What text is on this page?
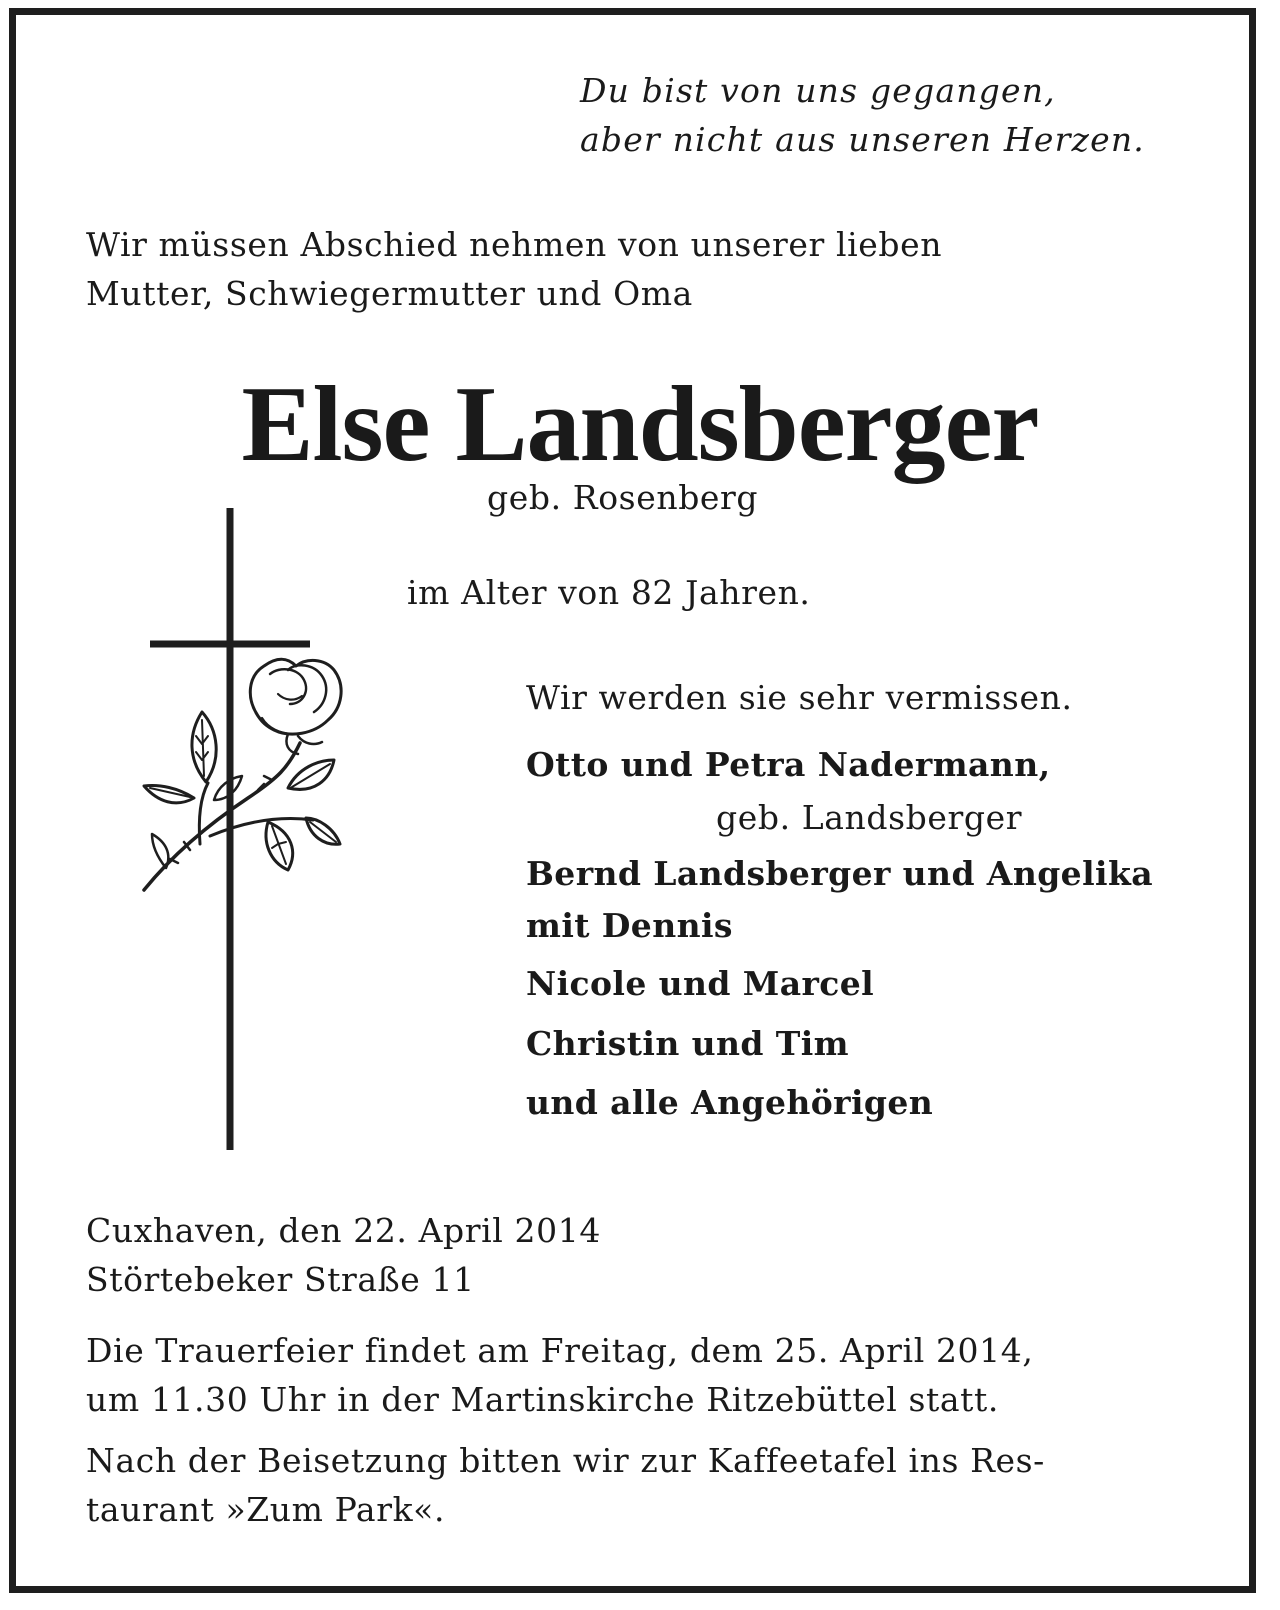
Du bist von uns gegangen,
aber nicht aus unseren Herzen.
Wir müssen Abschied nehmen von unserer lieben
Mutter, Schwiegermutter und Oma
Else Landsberger
geb. Rosenberg
im Alter von 82 Jahren.
Wir werden sie sehr vermissen.
Otto und Petra Nadermann,
geb. Landsberger
Bernd Landsberger und Angelika
mit Dennis
Nicole und Marcel
Christin und Tim
und alle Angehörigen
Cuxhaven, den 22. April 2014
Störtebeker Straße 11
Die Trauerfeier findet am Freitag, dem 25. April 2014,
um 11.30 Uhr in der Martinskirche Ritzebüttel statt.
Nach der Beisetzung bitten wir zur Kaffeetafel ins Res-
taurant »Zum Park«.
